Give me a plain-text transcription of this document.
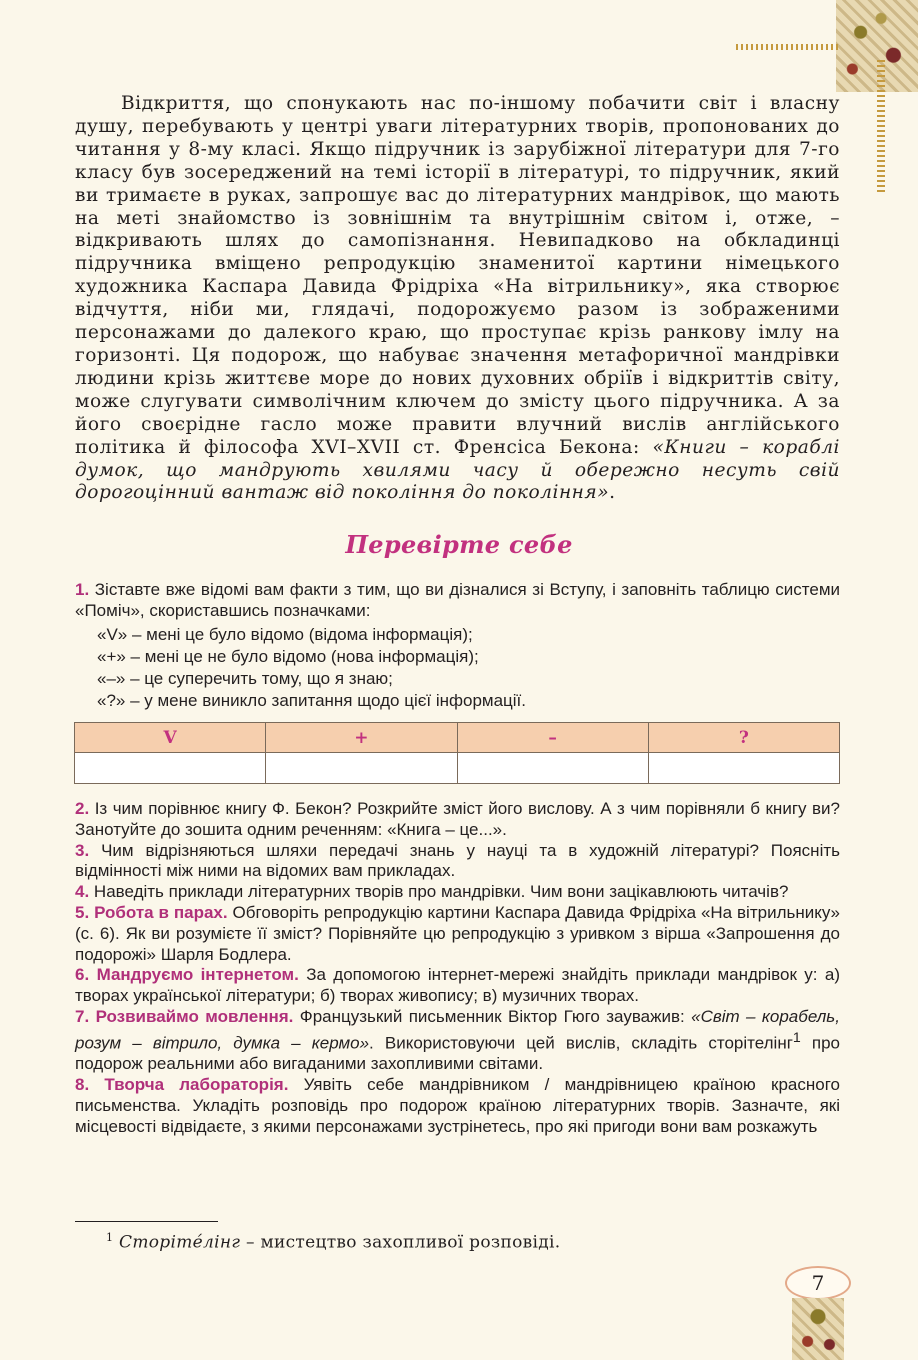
Відкриття, що спонукають нас по-іншому побачити світ і власну душу, перебувають у центрі уваги літературних творів, пропонованих до читання у 8-му класі. Якщо підручник із зарубіжної літератури для 7-го класу був зосереджений на темі історії в літературі, то підручник, який ви тримаєте в руках, запрошує вас до літературних мандрівок, що мають на меті знайомство із зовнішнім та внутрішнім світом і, отже, – відкривають шлях до самопізнання. Невипадково на обкладинці підручника вміщено репродукцію знаменитої картини німецького художника Каспара Давида Фрідріха «На вітрильнику», яка створює відчуття, ніби ми, глядачі, подорожуємо разом із зображеними персонажами до далекого краю, що проступає крізь ранкову імлу на горизонті. Ця подорож, що набуває значення метафоричної мандрівки людини крізь життєве море до нових духовних обріїв і відкриттів світу, може слугувати символічним ключем до змісту цього підручника. А за його своєрідне гасло може правити влучний вислів англійського політика й філософа XVI–XVII ст. Френсіса Бекона: «Книги – кораблі думок, що мандрують хвилями часу й обережно несуть свій дорогоцінний вантаж від покоління до покоління».

Перевірте себе

1. Зіставте вже відомі вам факти з тим, що ви дізналися зі Вступу, і заповніть таблицю системи «Поміч», скориставшись позначками:

«V» – мені це було відомо (відома інформація);
«+» – мені це не було відомо (нова інформація);
«–» – це суперечить тому, що я знаю;
«?» – у мене виникло запитання щодо цієї інформації.
V	+	–	?

2. Із чим порівнює книгу Ф. Бекон? Розкрийте зміст його вислову. А з чим порівняли б книгу ви? Занотуйте до зошита одним реченням: «Книга – це...».

3. Чим відрізняються шляхи передачі знань у науці та в художній літературі? Поясніть відмінності між ними на відомих вам прикладах.

4. Наведіть приклади літературних творів про мандрівки. Чим вони зацікавлюють читачів?

5. Робота в парах. Обговоріть репродукцію картини Каспара Давида Фрідріха «На вітрильнику» (с. 6). Як ви розумієте її зміст? Порівняйте цю репродукцію з уривком з вірша «Запрошення до подорожі» Шарля Бодлера.

6. Мандруємо інтернетом. За допомогою інтернет-мережі знайдіть приклади мандрівок у: а) творах української літератури; б) творах живопису; в) музичних творах.

7. Розвиваймо мовлення. Французький письменник Віктор Гюго зауважив: «Світ – корабель, розум – вітрило, думка – кермо». Використовуючи цей вислів, складіть сторітелінг$^1$ про подорож реальними або вигаданими захопливими світами.

8. Творча лабораторія. Уявіть себе мандрівником / мандрівницею країною красного письменства. Укладіть розповідь про подорож країною літературних творів. Зазначте, які місцевості відвідаєте, з якими персонажами зустрінетесь, про які пригоди вони вам розкажуть

$^1$ Сторітéлінг – мистецтво захопливої розповіді.

7
